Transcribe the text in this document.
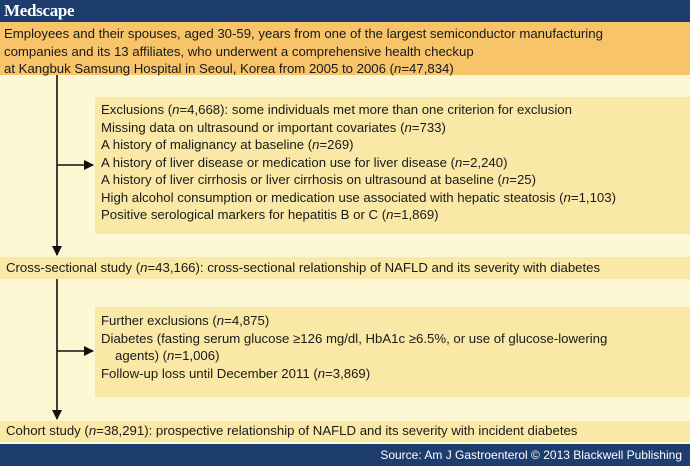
Medscape
Employees and their spouses, aged 30-59, years from one of the largest semiconductor manufacturing
companies and its 13 affiliates, who underwent a comprehensive health checkup
at Kangbuk Samsung Hospital in Seoul, Korea from 2005 to 2006 (n=47,834)
Exclusions (n=4,668): some individuals met more than one criterion for exclusion
Missing data on ultrasound or important covariates (n=733)
A history of malignancy at baseline (n=269)
A history of liver disease or medication use for liver disease (n=2,240)
A history of liver cirrhosis or liver cirrhosis on ultrasound at baseline (n=25)
High alcohol consumption or medication use associated with hepatic steatosis (n=1,103)
Positive serological markers for hepatitis B or C (n=1,869)
Cross-sectional study (n=43,166): cross-sectional relationship of NAFLD and its severity with diabetes
Further exclusions (n=4,875)
Diabetes (fasting serum glucose ≥126 mg/dl, HbA1c ≥6.5%, or use of glucose-lowering
agents) (n=1,006)
Follow-up loss until December 2011 (n=3,869)
Cohort study (n=38,291): prospective relationship of NAFLD and its severity with incident diabetes
Source: Am J Gastroenterol © 2013 Blackwell Publishing
